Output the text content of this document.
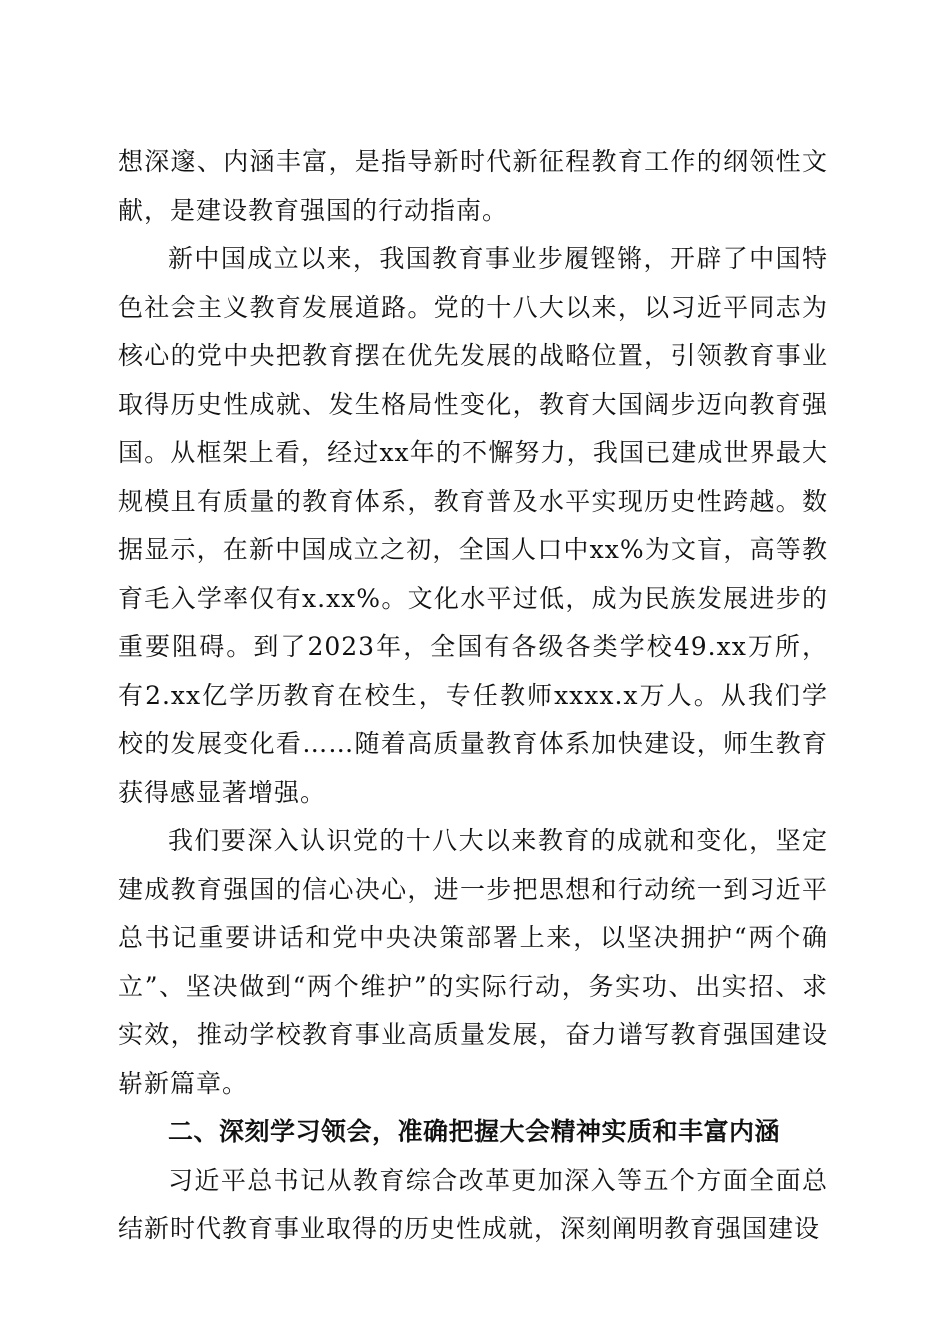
想深邃、内涵丰富，是指导新时代新征程教育工作的纲领性文献，是建设教育强国的行动指南。

新中国成立以来，我国教育事业步履铿锵，开辟了中国特色社会主义教育发展道路。党的十八大以来，以习近平同志为核心的党中央把教育摆在优先发展的战略位置，引领教育事业取得历史性成就、发生格局性变化，教育大国阔步迈向教育强国。从框架上看，经过xx年的不懈努力，我国已建成世界最大规模且有质量的教育体系，教育普及水平实现历史性跨越。数据显示，在新中国成立之初，全国人口中xx%为文盲，高等教育毛入学率仅有x.xx%。文化水平过低，成为民族发展进步的重要阻碍。到了2023年，全国有各级各类学校49.xx万所，有2.xx亿学历教育在校生，专任教师xxxx.x万人。从我们学校的发展变化看……随着高质量教育体系加快建设，师生教育获得感显著增强。

我们要深入认识党的十八大以来教育的成就和变化，坚定建成教育强国的信心决心，进一步把思想和行动统一到习近平总书记重要讲话和党中央决策部署上来，以坚决拥护“两个确立”、坚决做到“两个维护”的实际行动，务实功、出实招、求实效，推动学校教育事业高质量发展，奋力谱写教育强国建设崭新篇章。

二、深刻学习领会，准确把握大会精神实质和丰富内涵

习近平总书记从教育综合改革更加深入等五个方面全面总结新时代教育事业取得的历史性成就，深刻阐明教育强国建设
